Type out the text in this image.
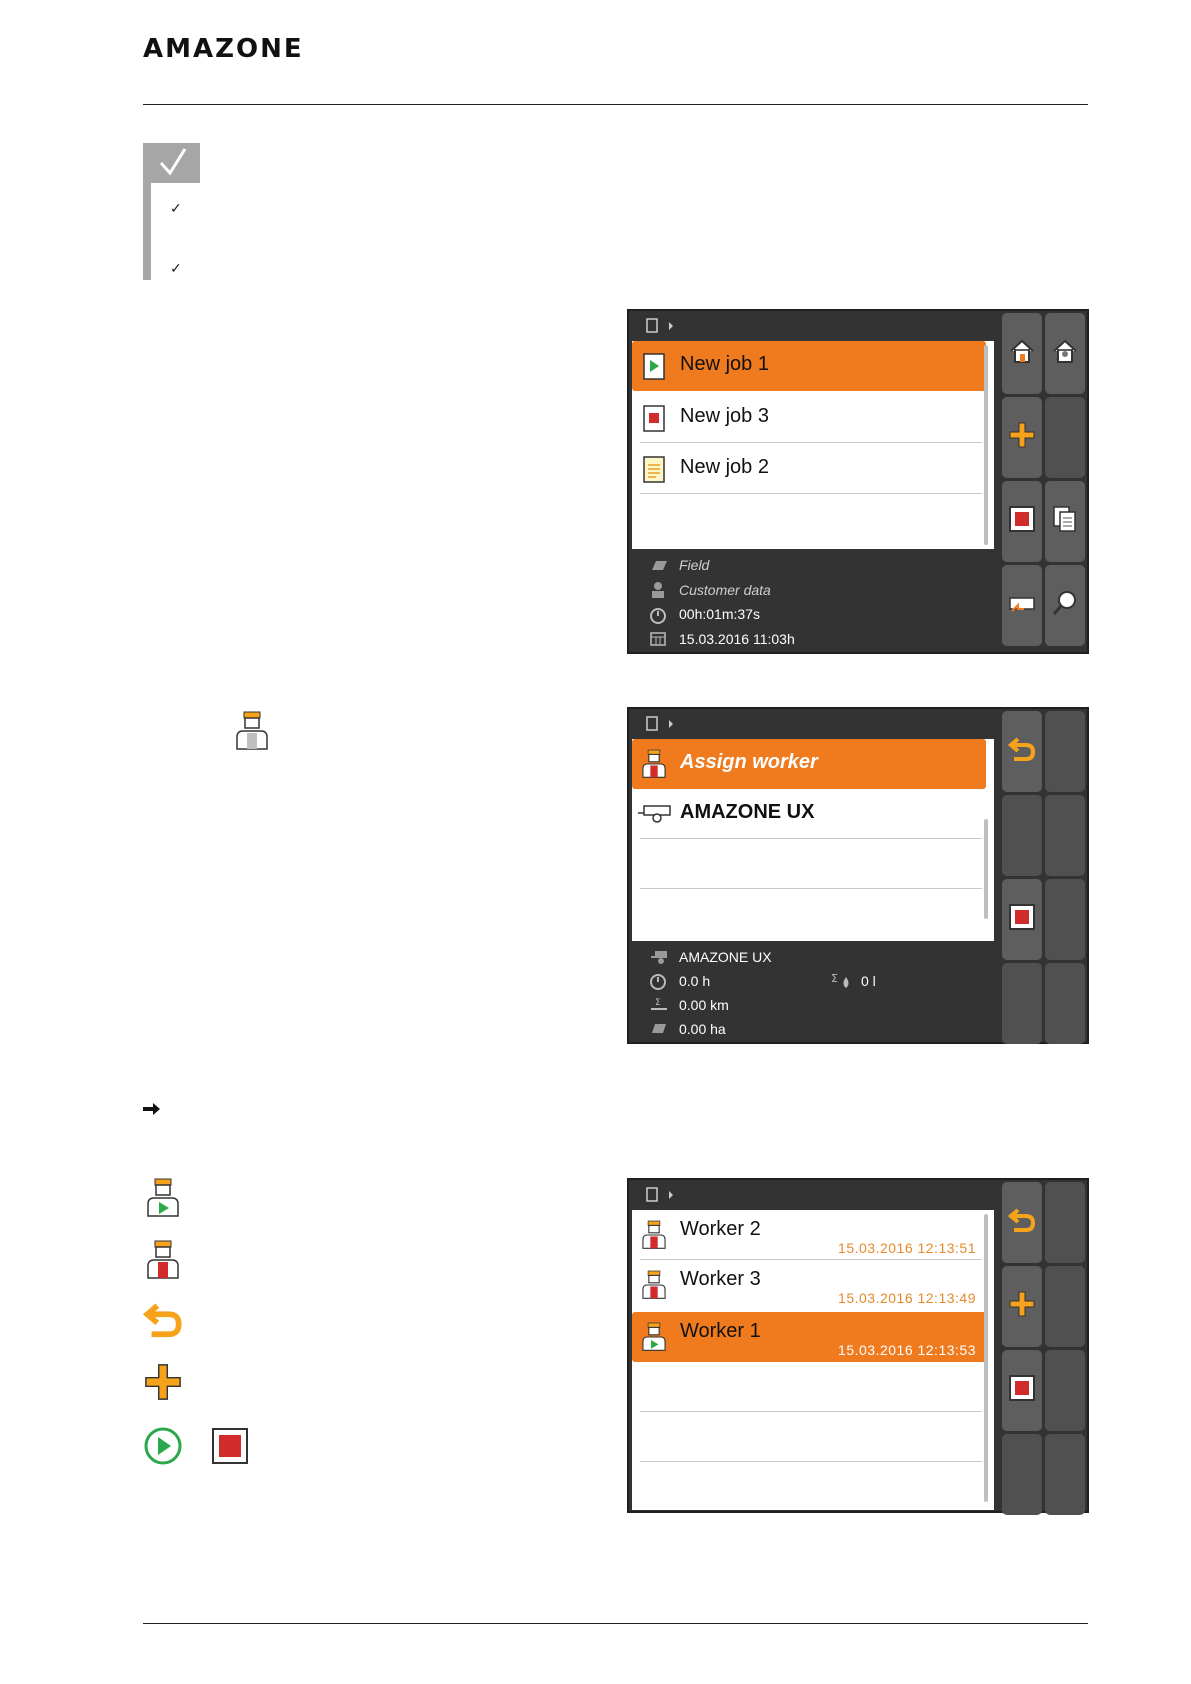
AMAZONE
✓
✓
New job 1
New job 3
New job 2
Field
Customer data
00h:01m:37s
15.03.2016 11:03h
Assign worker
AMAZONE UX
AMAZONE UX
0.0 h	Σ 0 l
Σ 0.00 km
0.00 ha
Worker 2
15.03.2016 12:13:51
Worker 3
15.03.2016 12:13:49
Worker 1
15.03.2016 12:13:53
